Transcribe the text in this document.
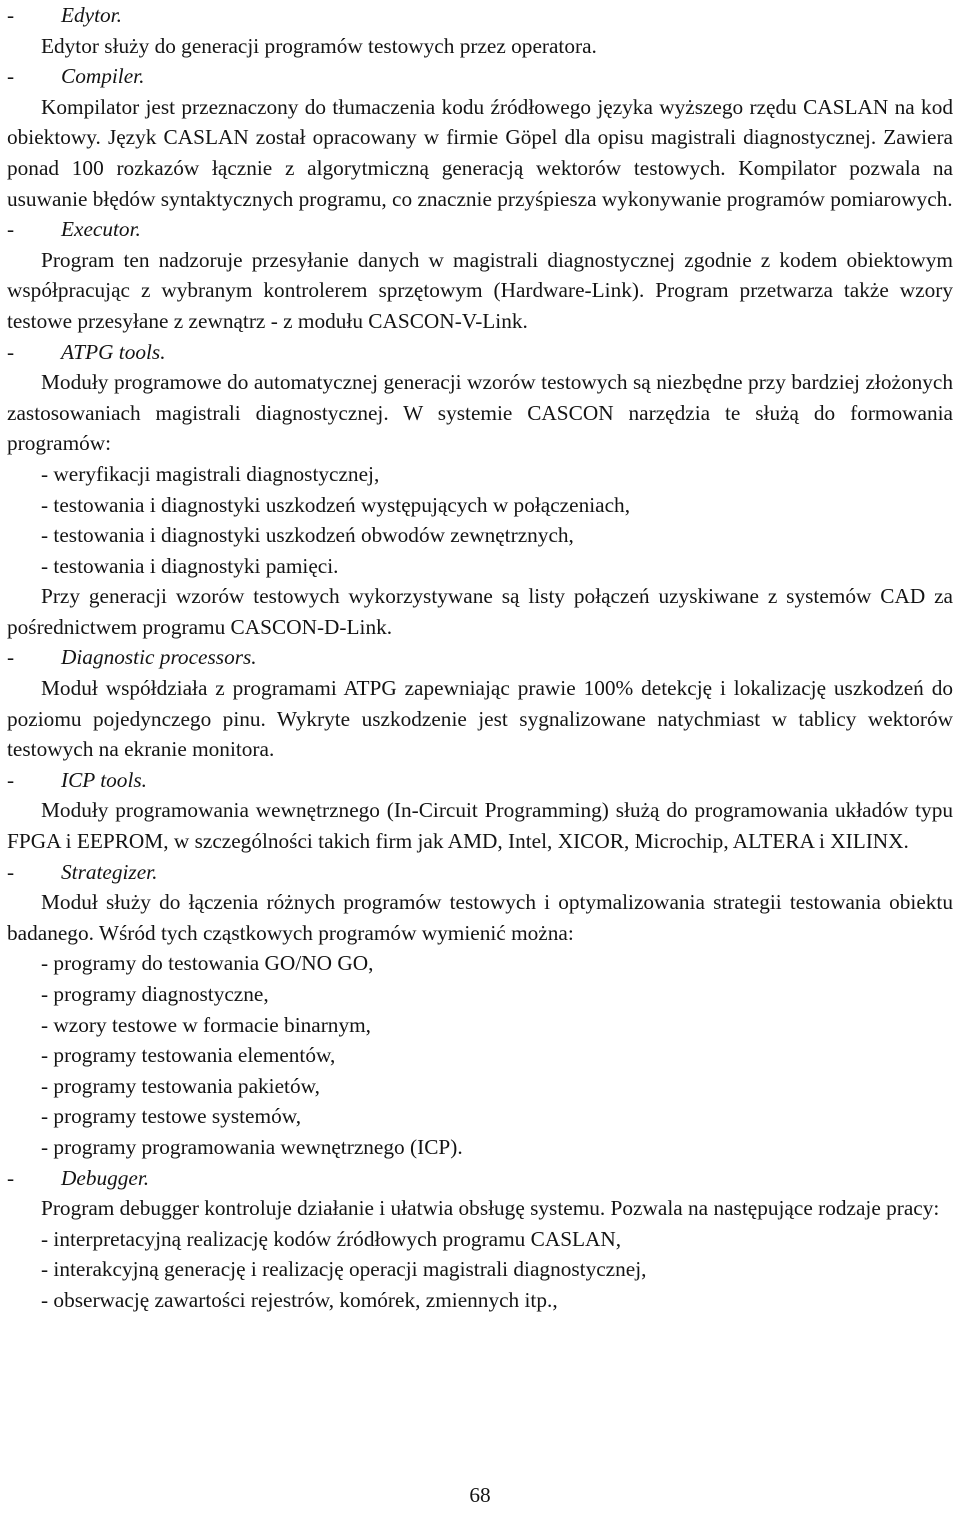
- Edytor.
Edytor służy do generacji programów testowych przez operatora.
- Compiler.
Kompilator jest przeznaczony do tłumaczenia kodu źródłowego języka wyższego rzędu CASLAN na kod obiektowy. Język CASLAN został opracowany w firmie Göpel dla opisu magistrali diagnostycznej. Zawiera ponad 100 rozkazów łącznie z algorytmiczną generacją wektorów testowych. Kompilator pozwala na usuwanie błędów syntaktycznych programu, co znacznie przyśpiesza wykonywanie programów pomiarowych.
- Executor.
Program ten nadzoruje przesyłanie danych w magistrali diagnostycznej zgodnie z kodem obiektowym współpracując z wybranym kontrolerem sprzętowym (Hardware-Link). Program przetwarza także wzory testowe przesyłane z zewnątrz - z modułu CASCON-V-Link.
- ATPG tools.
Moduły programowe do automatycznej generacji wzorów testowych są niezbędne przy bardziej złożonych zastosowaniach magistrali diagnostycznej. W systemie CASCON narzędzia te służą do formowania programów:
- weryfikacji magistrali diagnostycznej,
- testowania i diagnostyki uszkodzeń występujących w połączeniach,
- testowania i diagnostyki uszkodzeń obwodów zewnętrznych,
- testowania i diagnostyki pamięci.
Przy generacji wzorów testowych wykorzystywane są listy połączeń uzyskiwane z systemów CAD za pośrednictwem programu CASCON-D-Link.
- Diagnostic processors.
Moduł współdziała z programami ATPG zapewniając prawie 100% detekcję i lokalizację uszkodzeń do poziomu pojedynczego pinu. Wykryte uszkodzenie jest sygnalizowane natychmiast w tablicy wektorów testowych na ekranie monitora.
- ICP tools.
Moduły programowania wewnętrznego (In-Circuit Programming) służą do programowania układów typu FPGA i EEPROM, w szczególności takich firm jak AMD, Intel, XICOR, Microchip, ALTERA i XILINX.
- Strategizer.
Moduł służy do łączenia różnych programów testowych i optymalizowania strategii testowania obiektu badanego. Wśród tych cząstkowych programów wymienić można:
- programy do testowania GO/NO GO,
- programy diagnostyczne,
- wzory testowe w formacie binarnym,
- programy testowania elementów,
- programy testowania pakietów,
- programy testowe systemów,
- programy programowania wewnętrznego (ICP).
- Debugger.
Program debugger kontroluje działanie i ułatwia obsługę systemu. Pozwala na następujące rodzaje pracy:
- interpretacyjną realizację kodów źródłowych programu CASLAN,
- interakcyjną generację i realizację operacji magistrali diagnostycznej,
- obserwację zawartości rejestrów, komórek, zmiennych itp.,
68
